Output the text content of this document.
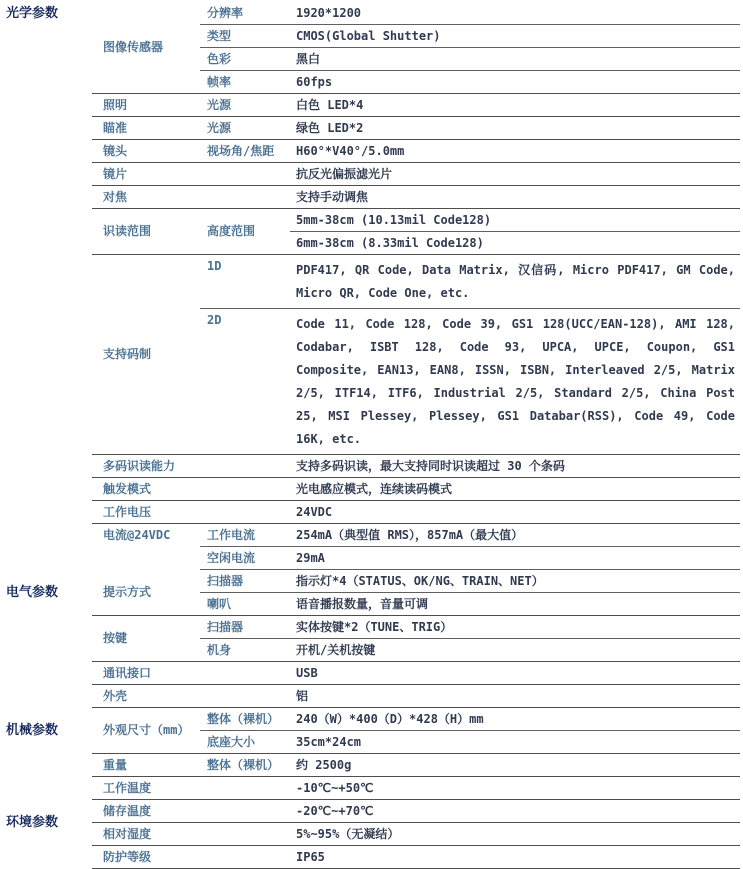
光学参数	图像传感器	分辨率	1920*1200
		类型	CMOS(Global Shutter)
		色彩	黑白
		帧率	60fps
	照明	光源	白色 LED*4
	瞄准	光源	绿色 LED*2
	镜头	视场角/焦距	H60°*V40°/5.0mm
	镜片		抗反光偏振滤光片
	对焦		支持手动调焦
	识读范围	高度范围	5mm-38cm (10.13mil Code128)
			6mm-38cm (8.33mil Code128)
	支持码制	1D	PDF417, QR Code, Data Matrix, 汉信码, Micro PDF417, GM Code, Micro QR, Code One, etc.
		2D	Code 11, Code 128, Code 39, GS1 128(UCC/EAN-128), AMI 128, Codabar, ISBT 128, Code 93, UPCA, UPCE, Coupon, GS1 Composite, EAN13, EAN8, ISSN, ISBN, Interleaved 2/5, Matrix 2/5, ITF14, ITF6, Industrial 2/5, Standard 2/5, China Post 25, MSI Plessey, Plessey, GS1 Databar(RSS), Code 49, Code 16K, etc.
	多码识读能力		支持多码识读，最大支持同时识读超过 30 个条码
	触发模式		光电感应模式，连续读码模式
电气参数	工作电压		24VDC
	电流@24VDC	工作电流	254mA（典型值 RMS），857mA（最大值）
		空闲电流	29mA
	提示方式	扫描器	指示灯*4（STATUS、OK/NG、TRAIN、NET）
		喇叭	语音播报数量，音量可调
	按键	扫描器	实体按键*2（TUNE、TRIG）
		机身	开机/关机按键
	通讯接口		USB
机械参数	外壳		铝
	外观尺寸（mm）	整体（裸机）	240（W）*400（D）*428（H）mm
		底座大小	35cm*24cm
	重量	整体（裸机）	约 2500g
环境参数	工作温度		-10℃~+50℃
	储存温度		-20℃~+70℃
	相对湿度		5%~95%（无凝结）
	防护等级		IP65
